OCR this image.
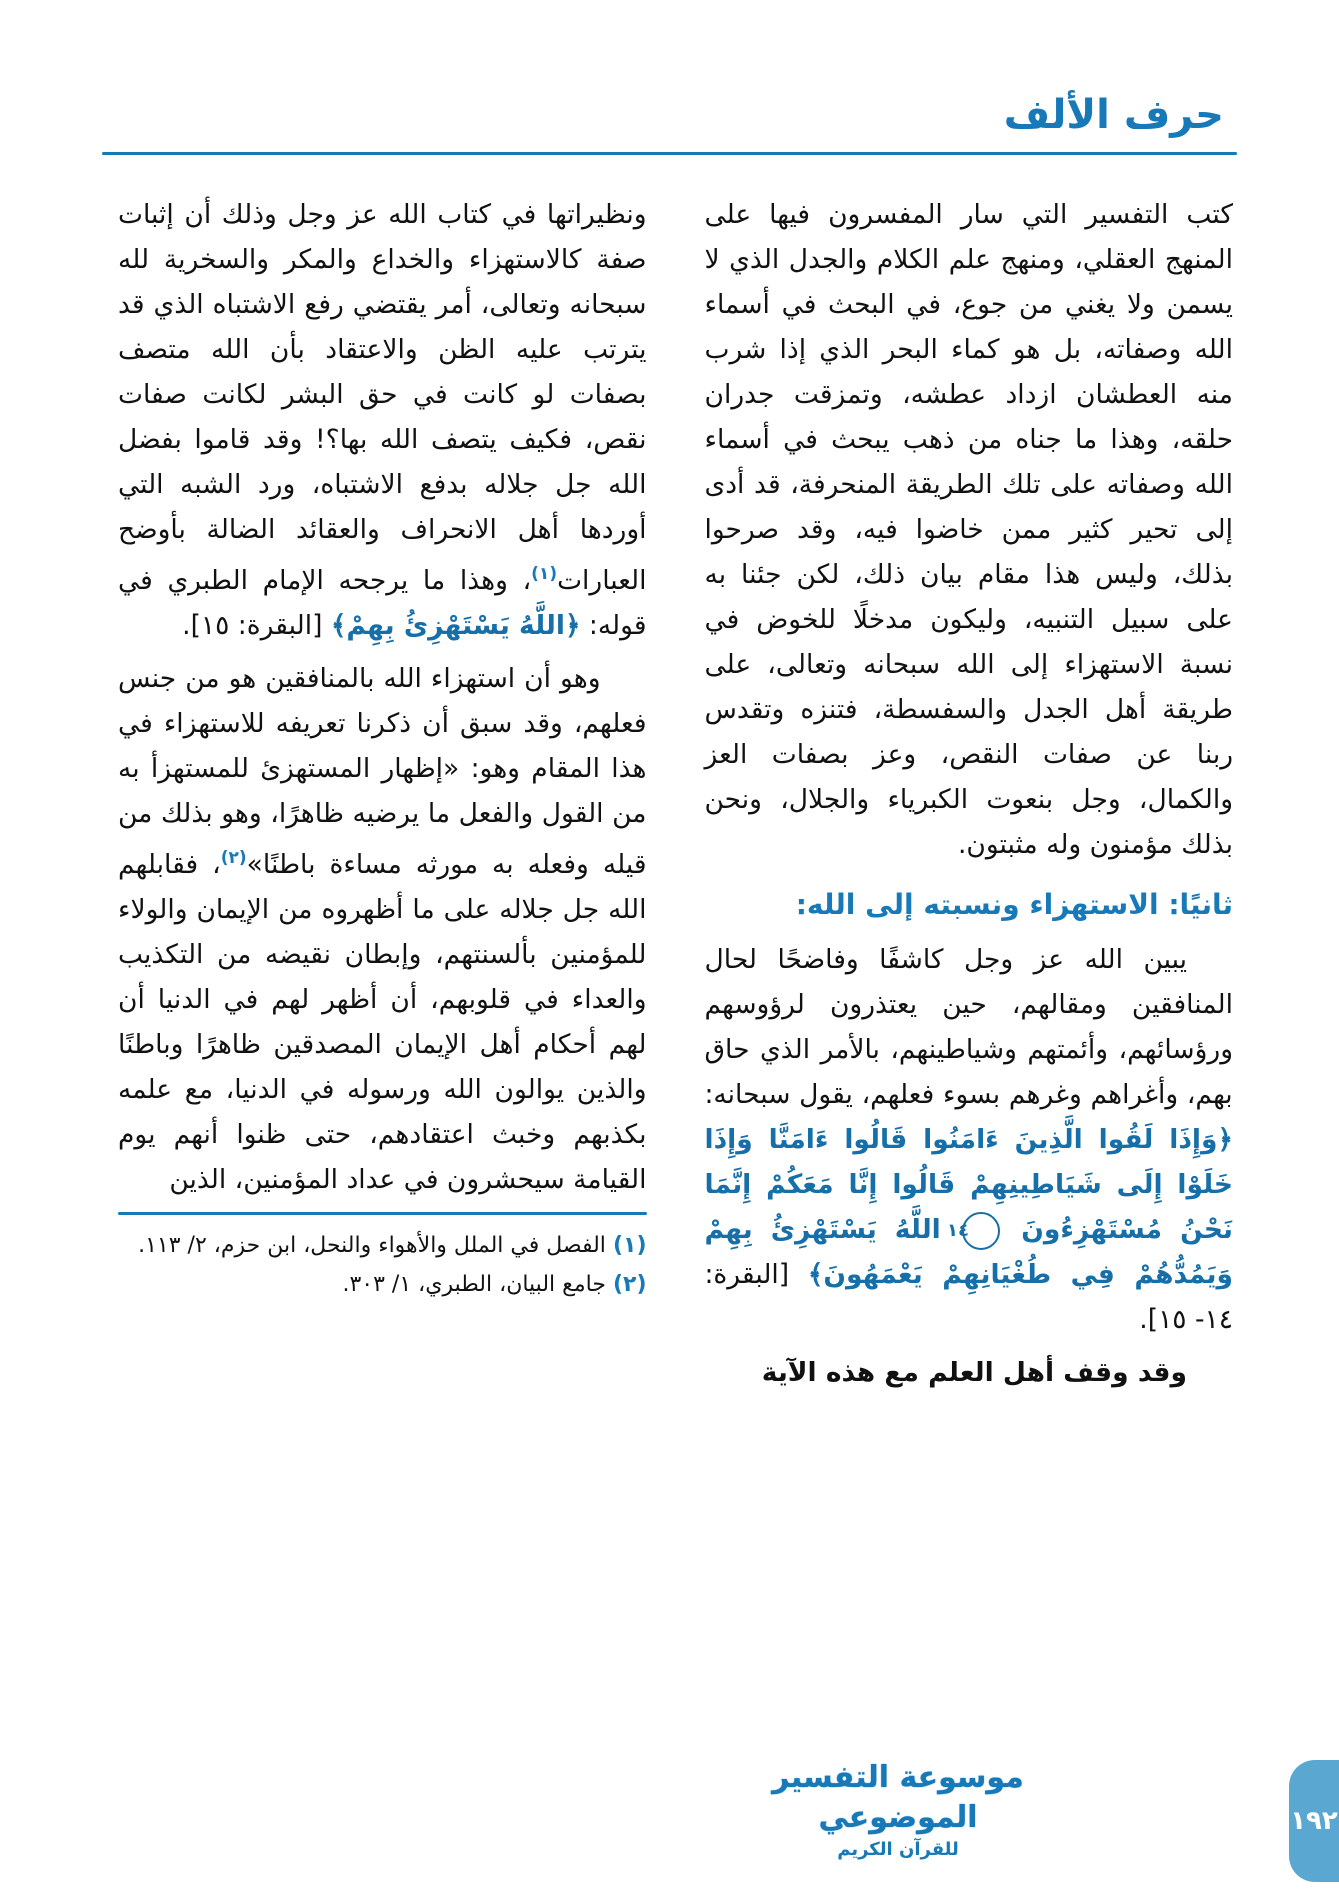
حرف الألف

كتب التفسير التي سار المفسرون فيها على المنهج العقلي، ومنهج علم الكلام والجدل الذي لا يسمن ولا يغني من جوع، في البحث في أسماء الله وصفاته، بل هو كماء البحر الذي إذا شرب منه العطشان ازداد عطشه، وتمزقت جدران حلقه، وهذا ما جناه من ذهب يبحث في أسماء الله وصفاته على تلك الطريقة المنحرفة، قد أدى إلى تحير كثير ممن خاضوا فيه، وقد صرحوا بذلك، وليس هذا مقام بيان ذلك، لكن جئنا به على سبيل التنبيه، وليكون مدخلًا للخوض في نسبة الاستهزاء إلى الله سبحانه وتعالى، على طريقة أهل الجدل والسفسطة، فتنزه وتقدس ربنا عن صفات النقص، وعز بصفات العز والكمال، وجل بنعوت الكبرياء والجلال، ونحن بذلك مؤمنون وله مثبتون.

ثانيًا: الاستهزاء ونسبته إلى الله:

يبين الله عز وجل كاشفًا وفاضحًا لحال المنافقين ومقالهم، حين يعتذرون لرؤوسهم ورؤسائهم، وأئمتهم وشياطينهم، بالأمر الذي حاق بهم، وأغراهم وغرهم بسوء فعلهم، يقول سبحانه: ﴿وَإِذَا لَقُوا الَّذِينَ ءَامَنُوا قَالُوا ءَامَنَّا وَإِذَا خَلَوْا إِلَى شَيَاطِينِهِمْ قَالُوا إِنَّا مَعَكُمْ إِنَّمَا نَحْنُ مُسْتَهْزِءُونَ ١٤ اللَّهُ يَسْتَهْزِئُ بِهِمْ وَيَمُدُّهُمْ فِي طُغْيَانِهِمْ يَعْمَهُونَ﴾ [البقرة: ١٤- ١٥].

وقد وقف أهل العلم مع هذه الآية

ونظيراتها في كتاب الله عز وجل وذلك أن إثبات صفة كالاستهزاء والخداع والمكر والسخرية لله سبحانه وتعالى، أمر يقتضي رفع الاشتباه الذي قد يترتب عليه الظن والاعتقاد بأن الله متصف بصفات لو كانت في حق البشر لكانت صفات نقص، فكيف يتصف الله بها؟! وقد قاموا بفضل الله جل جلاله بدفع الاشتباه، ورد الشبه التي أوردها أهل الانحراف والعقائد الضالة بأوضح العبارات$^{(١)}$، وهذا ما يرجحه الإمام الطبري في قوله: ﴿اللَّهُ يَسْتَهْزِئُ بِهِمْ﴾ [البقرة: ١٥].

وهو أن استهزاء الله بالمنافقين هو من جنس فعلهم، وقد سبق أن ذكرنا تعريفه للاستهزاء في هذا المقام وهو: «إظهار المستهزئ للمستهزأ به من القول والفعل ما يرضيه ظاهرًا، وهو بذلك من قيله وفعله به مورثه مساءة باطنًا»$^{(٢)}$، فقابلهم الله جل جلاله على ما أظهروه من الإيمان والولاء للمؤمنين بألسنتهم، وإبطان نقيضه من التكذيب والعداء في قلوبهم، أن أظهر لهم في الدنيا أن لهم أحكام أهل الإيمان المصدقين ظاهرًا وباطنًا والذين يوالون الله ورسوله في الدنيا، مع علمه بكذبهم وخبث اعتقادهم، حتى ظنوا أنهم يوم القيامة سيحشرون في عداد المؤمنين، الذين

(١) الفصل في الملل والأهواء والنحل، ابن حزم، ٢/ ١١٣.
(٢) جامع البيان، الطبري، ١/ ٣٠٣.
موسوعة التفسير الموضوعي
للقرآن الكريم
١٩٢
